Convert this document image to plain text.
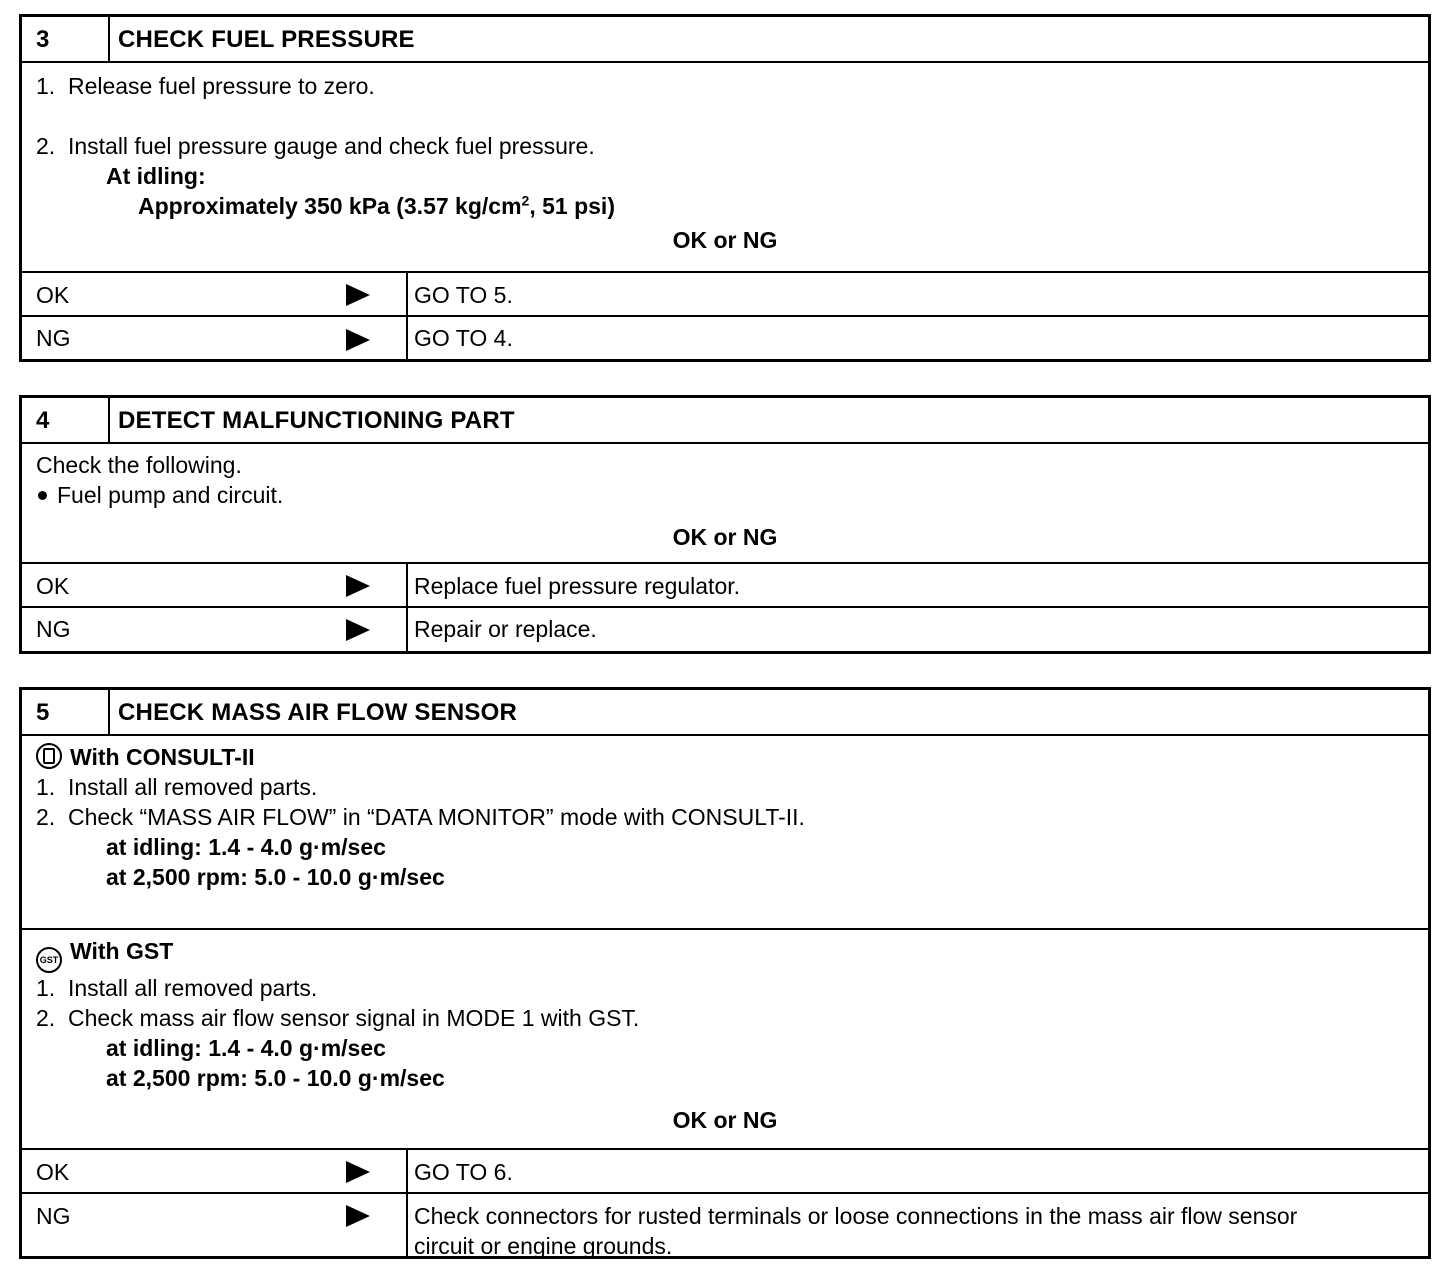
3	CHECK FUEL PRESSURE
1.  Release fuel pressure to zero.
2.  Install fuel pressure gauge and check fuel pressure.
At idling:
Approximately 350 kPa (3.57 $kg/cm^2$, 51 psi)
OK or NG
OK	GO TO 5.
NG	GO TO 4.
4	DETECT MALFUNCTIONING PART
Check the following.
Fuel pump and circuit.
OK or NG
OK	Replace fuel pressure regulator.
NG	Repair or replace.
5	CHECK MASS AIR FLOW SENSOR
With CONSULT-II
1.  Install all removed parts.
2.  Check “MASS AIR FLOW” in “DATA MONITOR” mode with CONSULT-II.
at idling: 1.4 - 4.0 g·m/sec
at 2,500 rpm: 5.0 - 10.0 g·m/sec
GST With GST
1.  Install all removed parts.
2.  Check mass air flow sensor signal in MODE 1 with GST.
at idling: 1.4 - 4.0 g·m/sec
at 2,500 rpm: 5.0 - 10.0 g·m/sec
OK or NG
OK	GO TO 6.
NG	Check connectors for rusted terminals or loose connections in the mass air flow sensor
circuit or engine grounds.
